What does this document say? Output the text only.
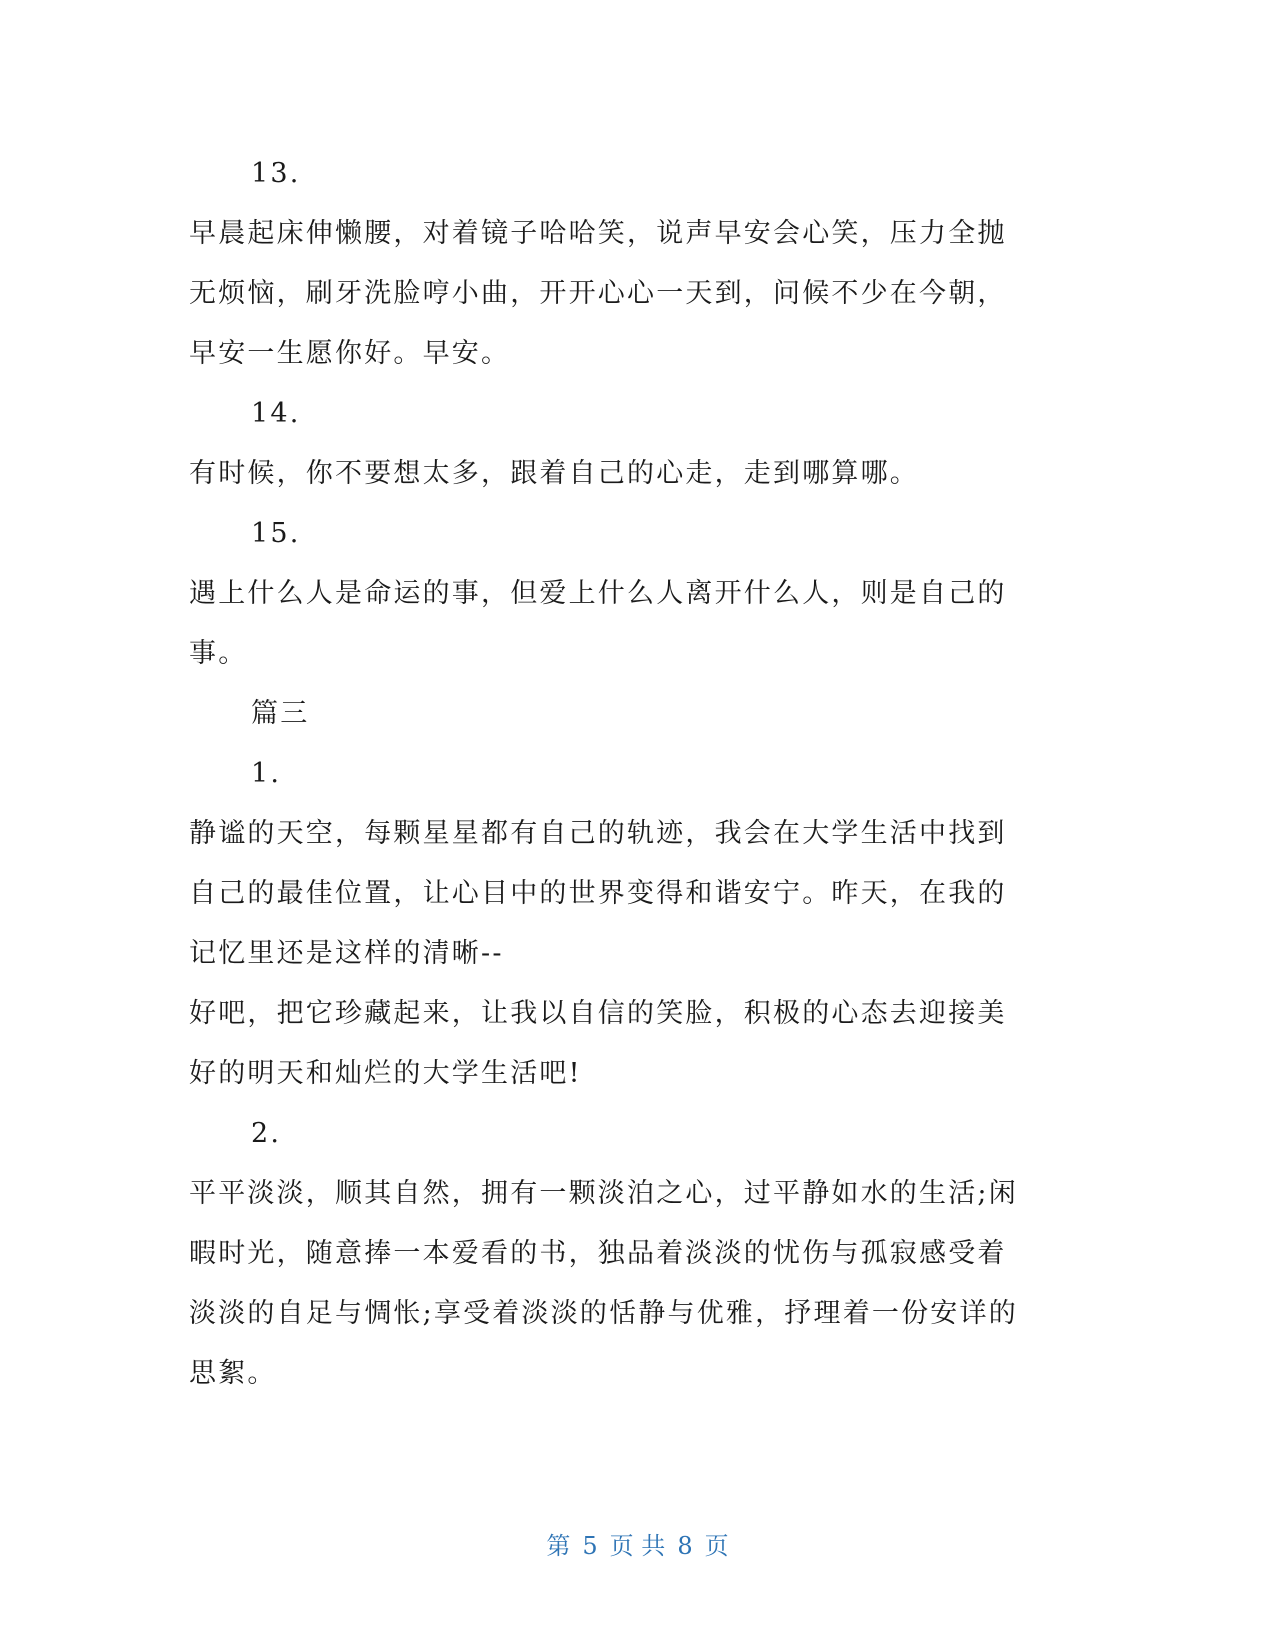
13.
早晨起床伸懒腰，对着镜子哈哈笑，说声早安会心笑，压力全抛
无烦恼，刷牙洗脸哼小曲，开开心心一天到，问候不少在今朝，
早安一生愿你好。早安。
14.
有时候，你不要想太多，跟着自己的心走，走到哪算哪。
15.
遇上什么人是命运的事，但爱上什么人离开什么人，则是自己的
事。
篇三
1.
静谧的天空，每颗星星都有自己的轨迹，我会在大学生活中找到
自己的最佳位置，让心目中的世界变得和谐安宁。昨天，在我的
记忆里还是这样的清晰--
好吧，把它珍藏起来，让我以自信的笑脸，积极的心态去迎接美
好的明天和灿烂的大学生活吧!
2.
平平淡淡，顺其自然，拥有一颗淡泊之心，过平静如水的生活;闲
暇时光，随意捧一本爱看的书，独品着淡淡的忧伤与孤寂感受着
淡淡的自足与惆怅;享受着淡淡的恬静与优雅，抒理着一份安详的
思絮。
第 5 页 共 8 页
